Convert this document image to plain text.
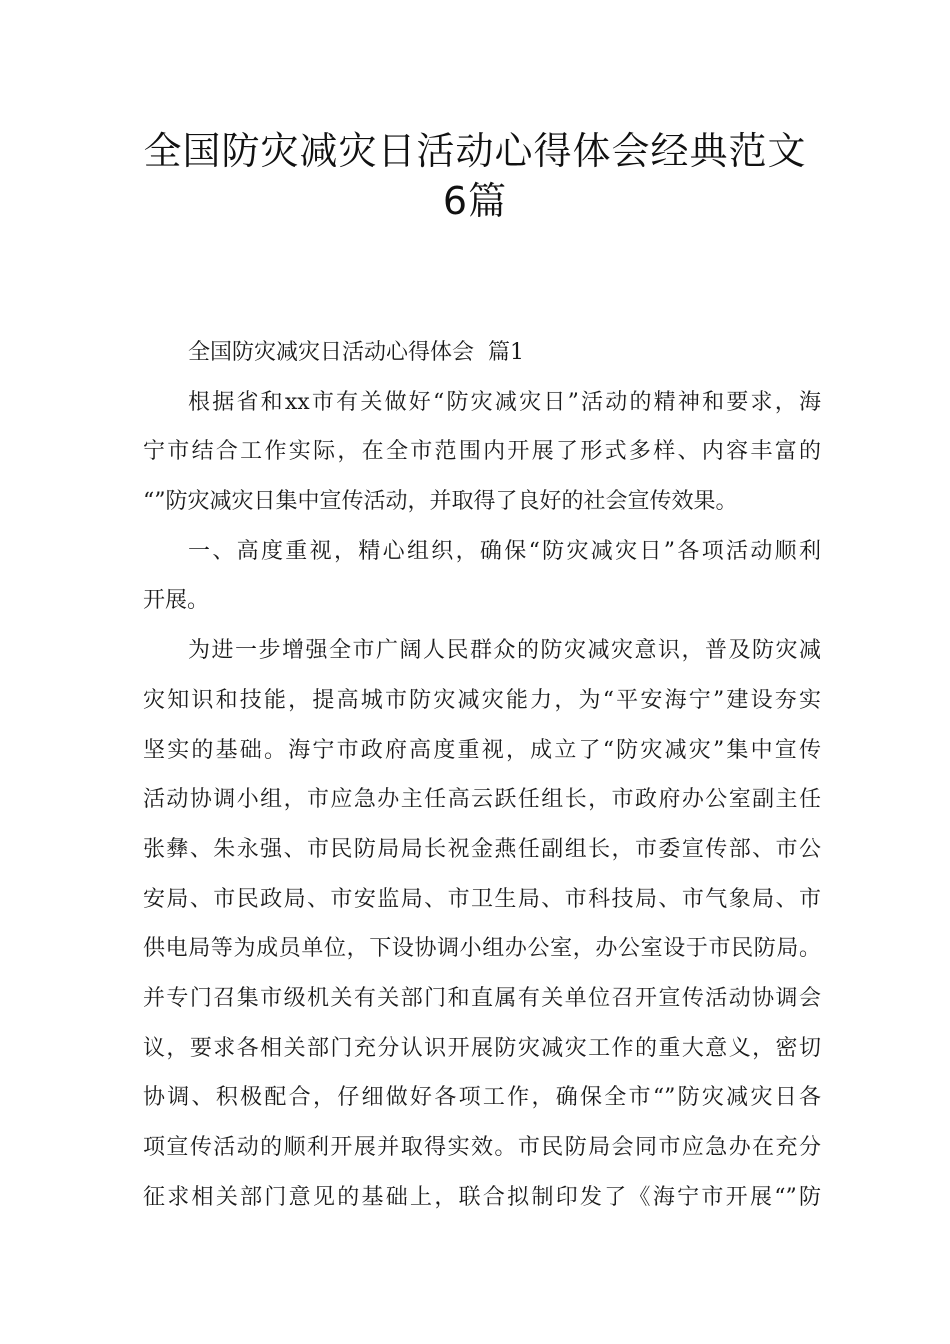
全国防灾减灾日活动心得体会经典范文
6篇
全国防灾减灾日活动心得体会  篇1
根据省和xx市有关做好“防灾减灾日”活动的精神和要求，海
宁市结合工作实际，在全市范围内开展了形式多样、内容丰富的
“”防灾减灾日集中宣传活动，并取得了良好的社会宣传效果。
一、高度重视，精心组织，确保“防灾减灾日”各项活动顺利
开展。
为进一步增强全市广阔人民群众的防灾减灾意识，普及防灾减
灾知识和技能，提高城市防灾减灾能力，为“平安海宁”建设夯实
坚实的基础。海宁市政府高度重视，成立了“防灾减灾”集中宣传
活动协调小组，市应急办主任高云跃任组长，市政府办公室副主任
张彝、朱永强、市民防局局长祝金燕任副组长，市委宣传部、市公
安局、市民政局、市安监局、市卫生局、市科技局、市气象局、市
供电局等为成员单位，下设协调小组办公室，办公室设于市民防局。
并专门召集市级机关有关部门和直属有关单位召开宣传活动协调会
议，要求各相关部门充分认识开展防灾减灾工作的重大意义，密切
协调、积极配合，仔细做好各项工作，确保全市“”防灾减灾日各
项宣传活动的顺利开展并取得实效。市民防局会同市应急办在充分
征求相关部门意见的基础上，联合拟制印发了《海宁市开展“”防
